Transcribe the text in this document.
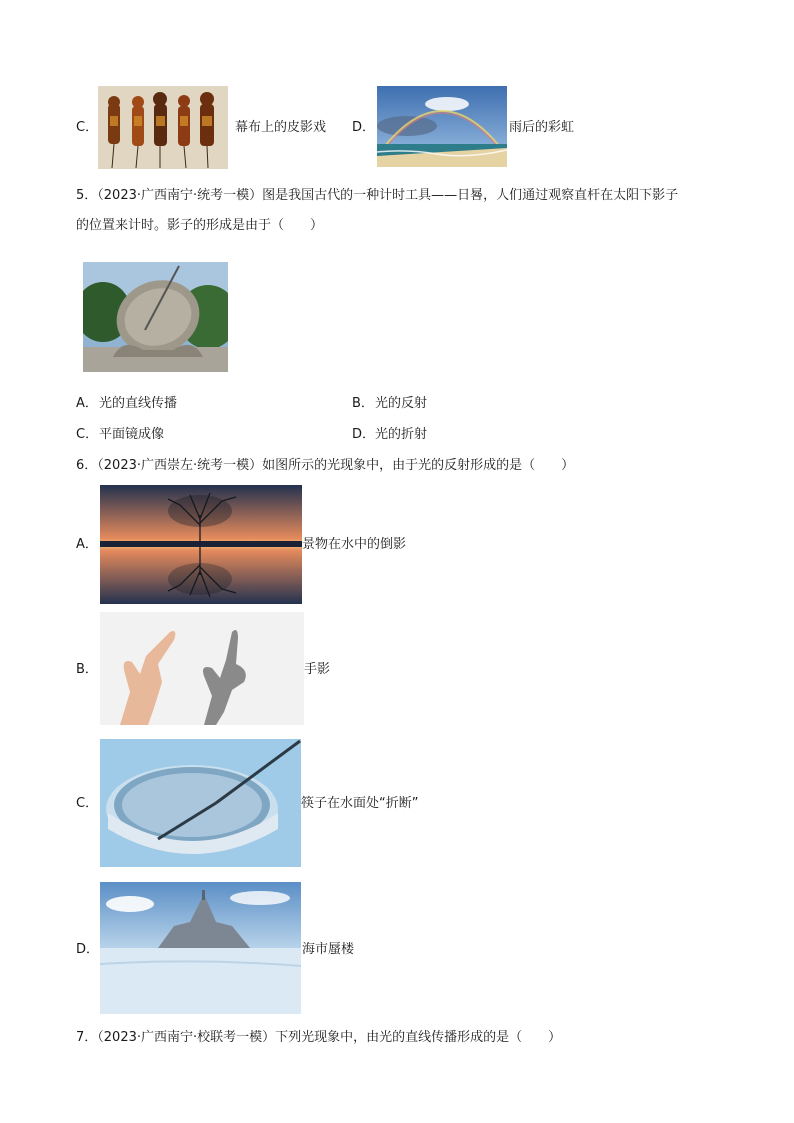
C．	幕布上的皮影戏 D．	雨后的彩虹
5．（2023·广西南宁·统考一模）图是我国古代的一种计时工具——日晷，人们通过观察直杆在太阳下影子
的位置来计时。影子的形成是由于（　　）
A． 光的直线传播	B． 光的反射
C． 平面镜成像	D． 光的折射
6．（2023·广西崇左·统考一模）如图所示的光现象中，由于光的反射形成的是（　　）
A．	景物在水中的倒影
B．	手影
C．	筷子在水面处“折断”
D．	海市蜃楼
7．（2023·广西南宁·校联考一模）下列光现象中，由光的直线传播形成的是（　　）
